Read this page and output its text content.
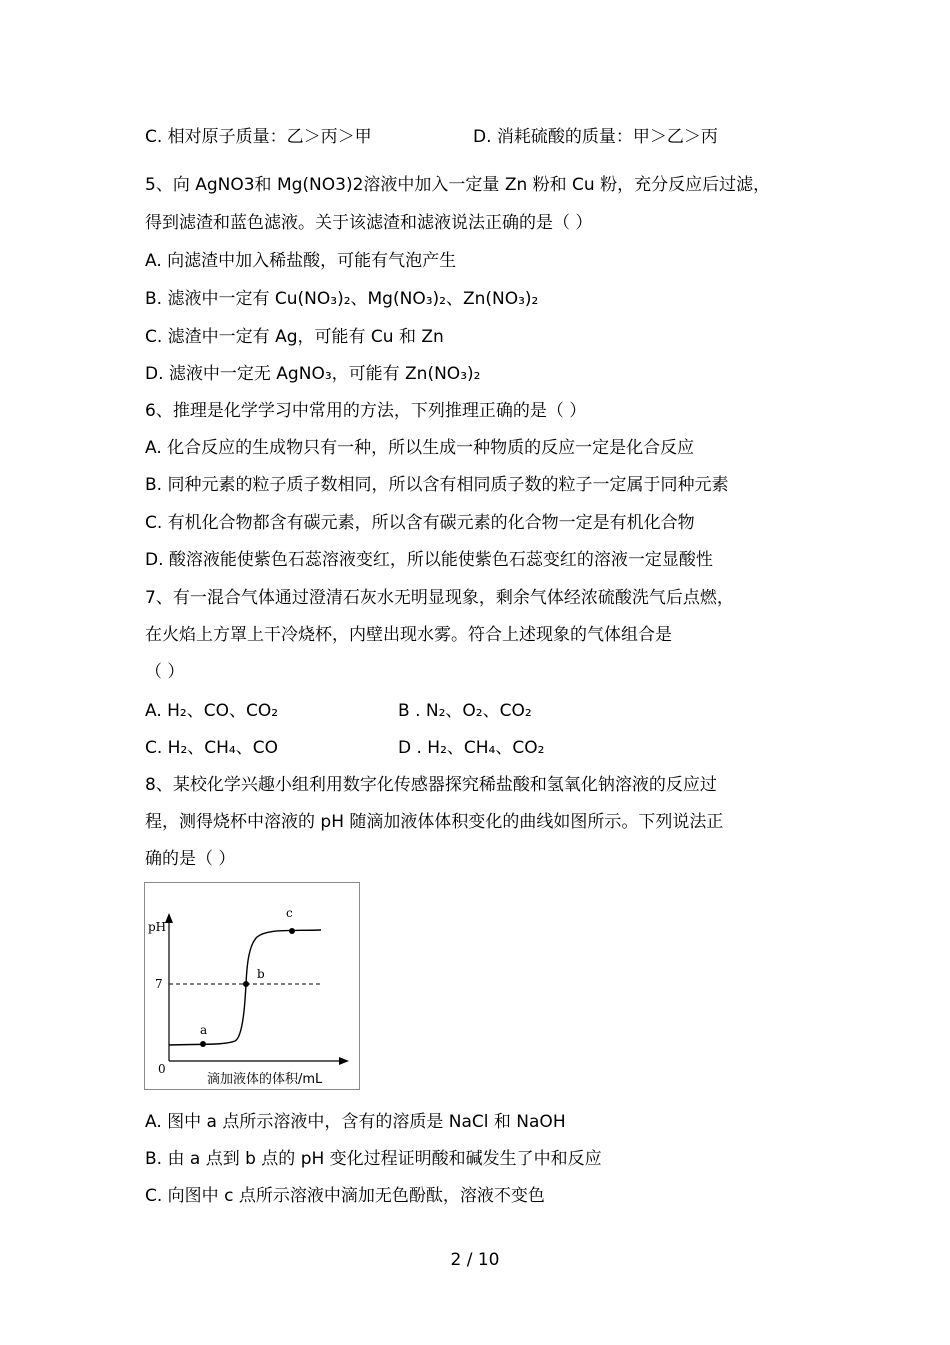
C. 相对原子质量：乙＞丙＞甲	D. 消耗硫酸的质量：甲＞乙＞丙
5、向 AgNO3和 Mg(NO3)2溶液中加入一定量 Zn 粉和 Cu 粉，充分反应后过滤，
得到滤渣和蓝色滤液。关于该滤渣和滤液说法正确的是（ ）
A. 向滤渣中加入稀盐酸，可能有气泡产生
B. 滤液中一定有 Cu(NO₃)₂、Mg(NO₃)₂、Zn(NO₃)₂
C. 滤渣中一定有 Ag，可能有 Cu 和 Zn
D. 滤液中一定无 AgNO₃，可能有 Zn(NO₃)₂
6、推理是化学学习中常用的方法，下列推理正确的是（ ）
A. 化合反应的生成物只有一种，所以生成一种物质的反应一定是化合反应
B. 同种元素的粒子质子数相同，所以含有相同质子数的粒子一定属于同种元素
C. 有机化合物都含有碳元素，所以含有碳元素的化合物一定是有机化合物
D. 酸溶液能使紫色石蕊溶液变红，所以能使紫色石蕊变红的溶液一定显酸性
7、有一混合气体通过澄清石灰水无明显现象，剩余气体经浓硫酸洗气后点燃，
在火焰上方罩上干冷烧杯，内壁出现水雾。符合上述现象的气体组合是
（ ）
A. H₂、CO、CO₂	B . N₂、O₂、CO₂
C. H₂、CH₄、CO	D . H₂、CH₄、CO₂
8、某校化学兴趣小组利用数字化传感器探究稀盐酸和氢氧化钠溶液的反应过
程，测得烧杯中溶液的 pH 随滴加液体体积变化的曲线如图所示。下列说法正
确的是（ ）
pH
7
0
a
b
c
滴加液体的体积/mL
A. 图中 a 点所示溶液中，含有的溶质是 NaCl 和 NaOH
B. 由 a 点到 b 点的 pH 变化过程证明酸和碱发生了中和反应
C. 向图中 c 点所示溶液中滴加无色酚酞，溶液不变色
2 / 10
